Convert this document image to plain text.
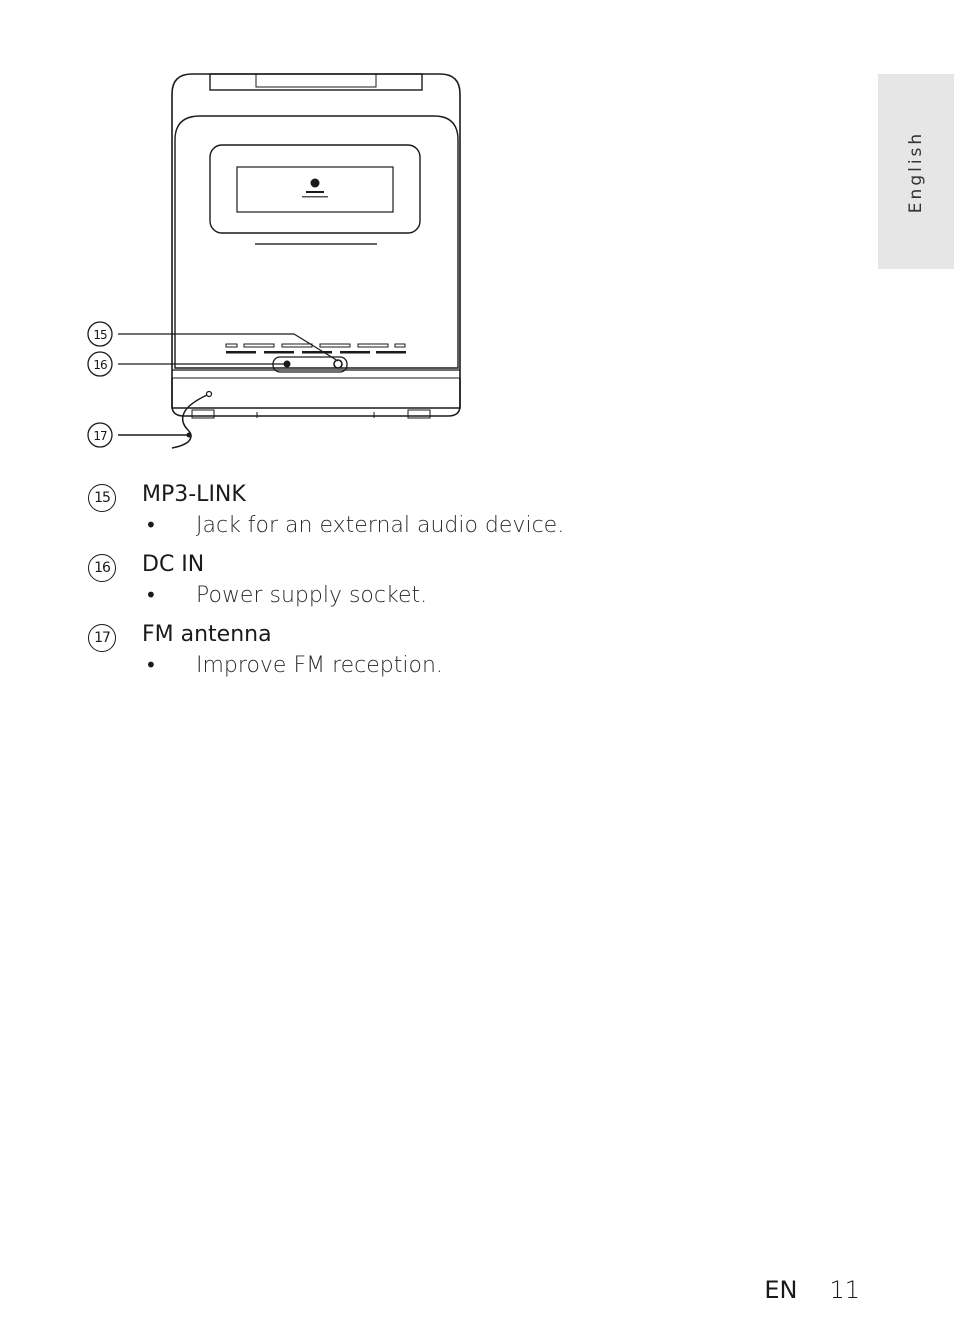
English
15
16
17
15 MP3-LINK
• Jack for an external audio device.
16 DC IN
• Power supply socket.
17 FM antenna
• Improve FM reception.
EN 11
